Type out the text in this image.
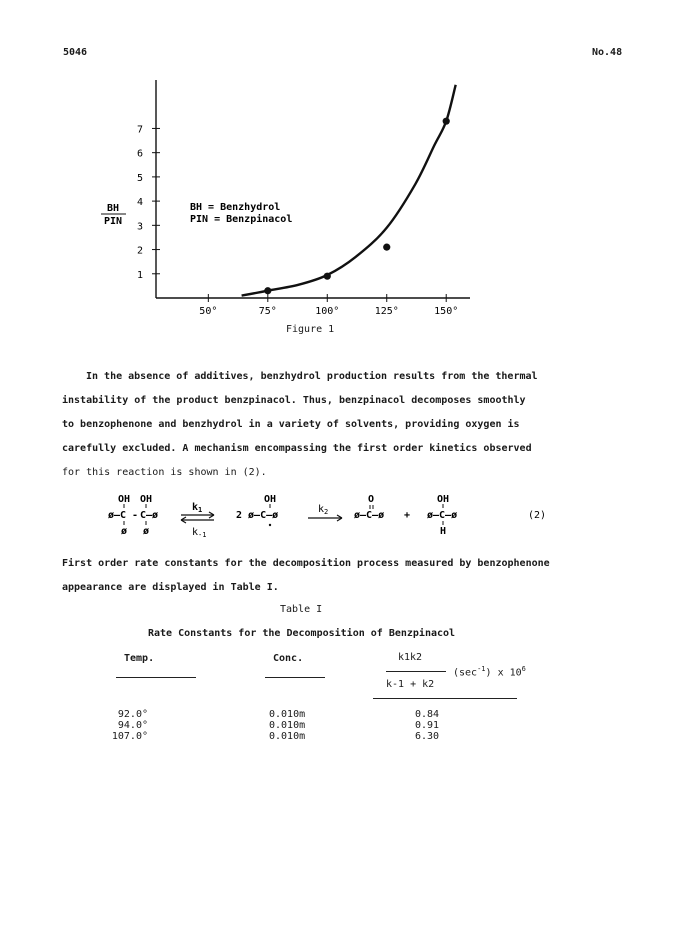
5046	No.48
1
2
3
4
5
6
7
50°	75°	100°	125°	150°
BH
PIN
BH = Benzhydrol
PIN = Benzpinacol
Figure 1

In the absence of additives, benzhydrol production results from the thermal

instability of the product benzpinacol. Thus, benzpinacol decomposes smoothly

to benzophenone and benzhydrol in a variety of solvents, providing oxygen is

carefully excluded. A mechanism encompassing the first order kinetics observed

for this reaction is shown in (2).

OH OH
ø–C - C–ø
ø ø
$k_1$
$k_{-1}$
OH
2 ø–C–ø
$k_2$
O
ø–C–ø +
OH
ø–C–ø
H
(2)

First order rate constants for the decomposition process measured by benzophenone

appearance are displayed in Table I.

Table I
Rate Constants for the Decomposition of Benzpinacol
Temp.	Conc.	k1k2
$(\sec^{-1})$ x $10^6$
k-1 + k2
92.0°	0.010m	0.84
94.0°	0.010m	0.91
107.0°	0.010m	6.30
